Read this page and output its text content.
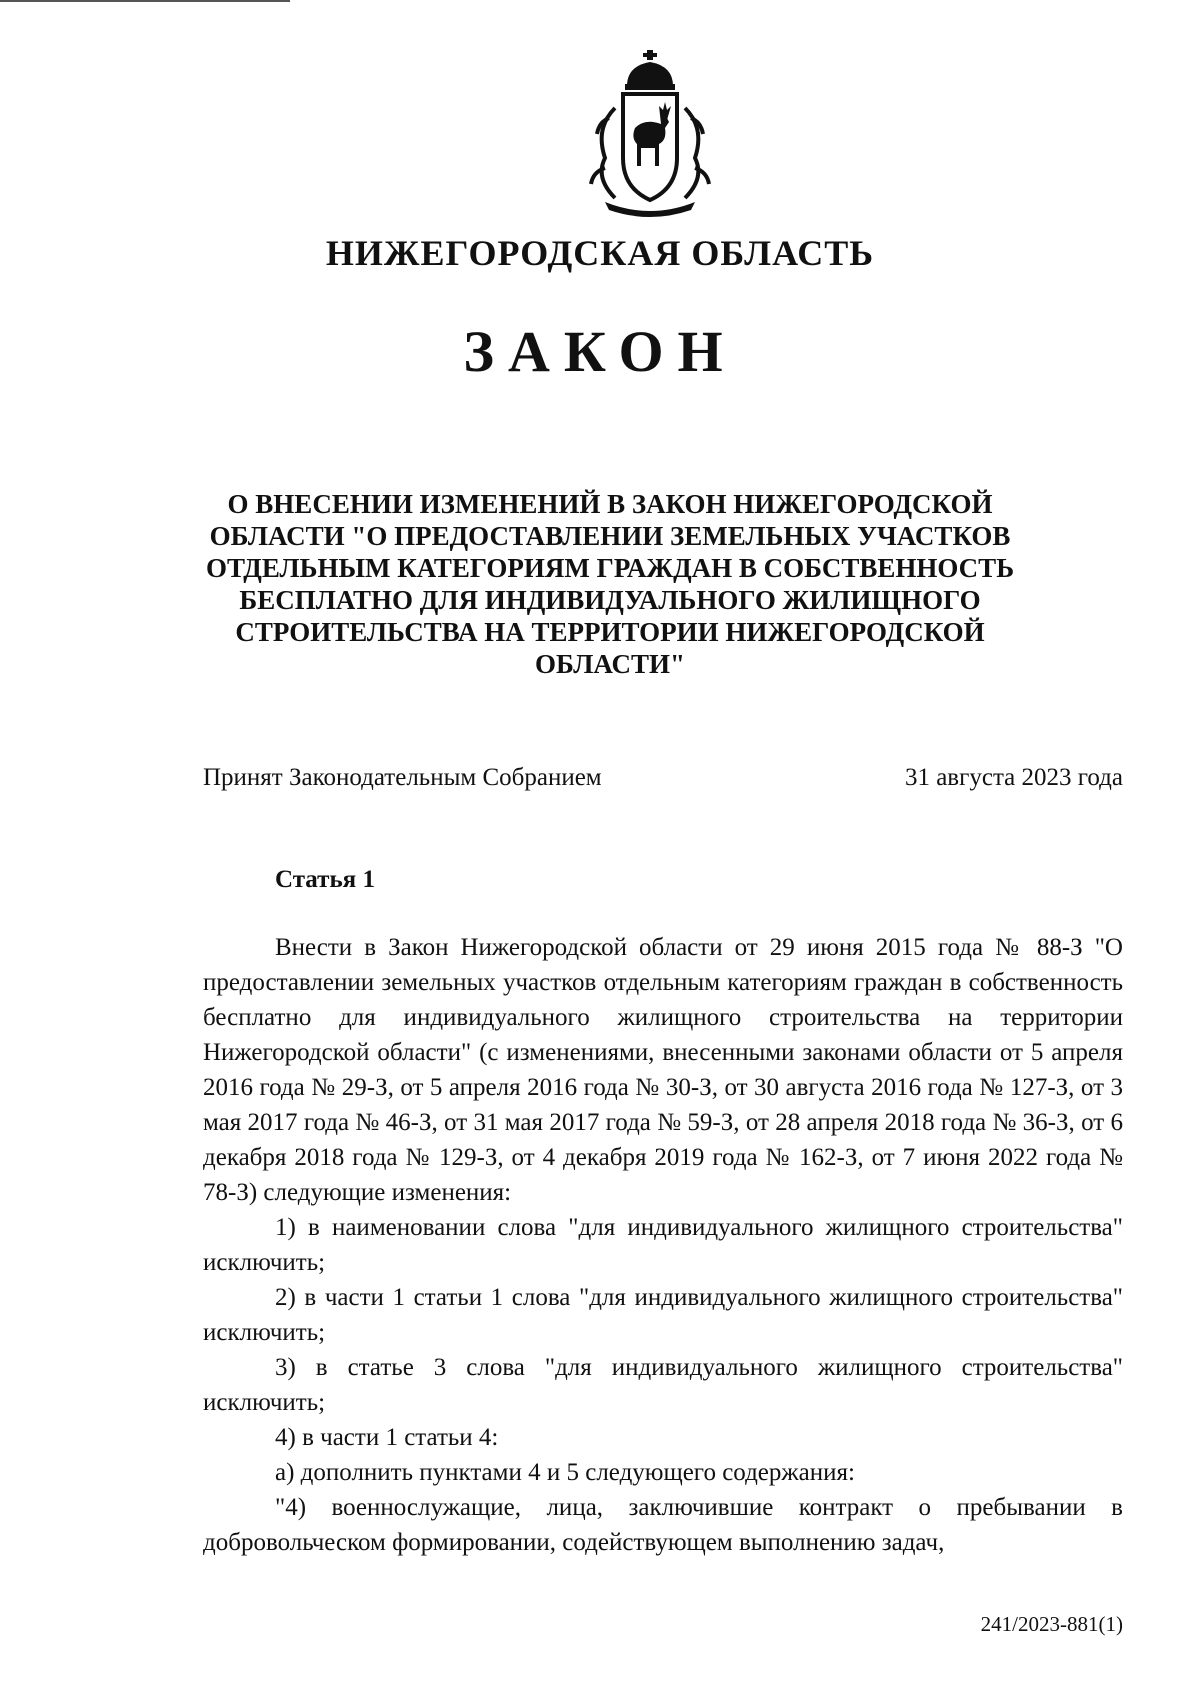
НИЖЕГОРОДСКАЯ ОБЛАСТЬ
ЗАКОН
О ВНЕСЕНИИ ИЗМЕНЕНИЙ В ЗАКОН НИЖЕГОРОДСКОЙ ОБЛАСТИ "О ПРЕДОСТАВЛЕНИИ ЗЕМЕЛЬНЫХ УЧАСТКОВ ОТДЕЛЬНЫМ КАТЕГОРИЯМ ГРАЖДАН В СОБСТВЕННОСТЬ БЕСПЛАТНО ДЛЯ ИНДИВИДУАЛЬНОГО ЖИЛИЩНОГО СТРОИТЕЛЬСТВА НА ТЕРРИТОРИИ НИЖЕГОРОДСКОЙ ОБЛАСТИ"
Принят Законодательным Собранием	31 августа 2023 года
Статья 1

Внести в Закон Нижегородской области от 29 июня 2015 года № 88-З "О предоставлении земельных участков отдельным категориям граждан в собственность бесплатно для индивидуального жилищного строительства на территории Нижегородской области" (с изменениями, внесенными законами области от 5 апреля 2016 года № 29-З, от 5 апреля 2016 года № 30-З, от 30 августа 2016 года № 127-З, от 3 мая 2017 года № 46-З, от 31 мая 2017 года № 59-З, от 28 апреля 2018 года № 36-З, от 6 декабря 2018 года № 129-З, от 4 декабря 2019 года № 162-З, от 7 июня 2022 года № 78-З) следующие изменения:

1) в наименовании слова "для индивидуального жилищного строительства" исключить;

2) в части 1 статьи 1 слова "для индивидуального жилищного строительства" исключить;

3) в статье 3 слова "для индивидуального жилищного строительства" исключить;

4) в части 1 статьи 4:

а) дополнить пунктами 4 и 5 следующего содержания:

"4) военнослужащие, лица, заключившие контракт о пребывании в добровольческом формировании, содействующем выполнению задач,

241/2023-881(1)
